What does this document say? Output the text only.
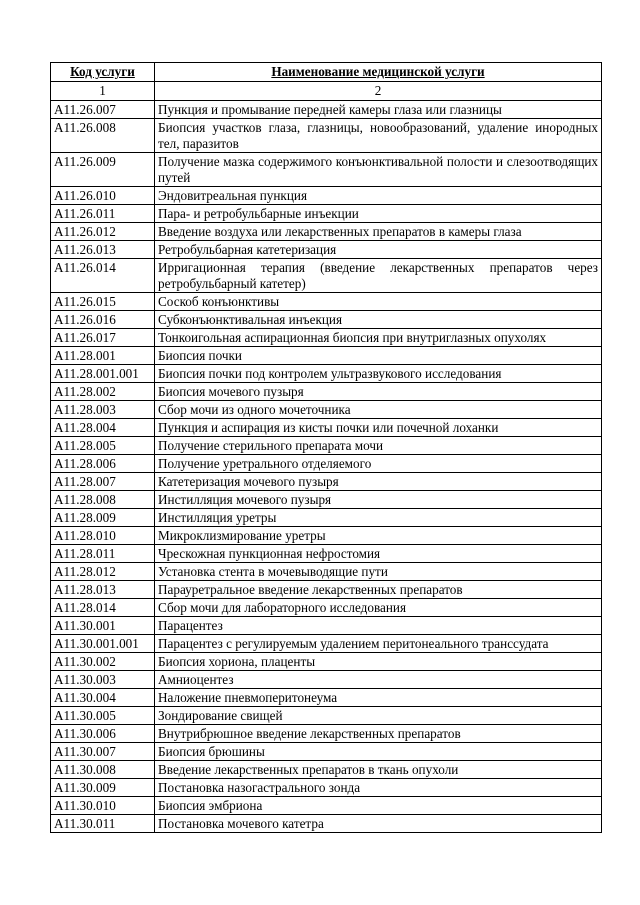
Код услуги	Наименование медицинской услуги
1	2
A11.26.007	Пункция и промывание передней камеры глаза или глазницы
A11.26.008	Биопсия участков глаза, глазницы, новообразований, удаление инородных тел, паразитов
A11.26.009	Получение мазка содержимого конъюнктивальной полости и слезоотводящих путей
A11.26.010	Эндовитреальная пункция
A11.26.011	Пара- и ретробульбарные инъекции
A11.26.012	Введение воздуха или лекарственных препаратов в камеры глаза
A11.26.013	Ретробульбарная катетеризация
A11.26.014	Ирригационная терапия (введение лекарственных препаратов через ретробульбарный катетер)
A11.26.015	Соскоб конъюнктивы
A11.26.016	Субконъюнктивальная инъекция
A11.26.017	Тонкоигольная аспирационная биопсия при внутриглазных опухолях
A11.28.001	Биопсия почки
A11.28.001.001	Биопсия почки под контролем ультразвукового исследования
A11.28.002	Биопсия мочевого пузыря
A11.28.003	Сбор мочи из одного мочеточника
A11.28.004	Пункция и аспирация из кисты почки или почечной лоханки
A11.28.005	Получение стерильного препарата мочи
A11.28.006	Получение уретрального отделяемого
A11.28.007	Катетеризация мочевого пузыря
A11.28.008	Инстилляция мочевого пузыря
A11.28.009	Инстилляция уретры
A11.28.010	Микроклизмирование уретры
A11.28.011	Чрескожная пункционная нефростомия
A11.28.012	Установка стента в мочевыводящие пути
A11.28.013	Парауретральное введение лекарственных препаратов
A11.28.014	Сбор мочи для лабораторного исследования
A11.30.001	Парацентез
A11.30.001.001	Парацентез с регулируемым удалением перитонеального транссудата
A11.30.002	Биопсия хориона, плаценты
A11.30.003	Амниоцентез
A11.30.004	Наложение пневмоперитонеума
A11.30.005	Зондирование свищей
A11.30.006	Внутрибрюшное введение лекарственных препаратов
A11.30.007	Биопсия брюшины
A11.30.008	Введение лекарственных препаратов в ткань опухоли
A11.30.009	Постановка назогастрального зонда
A11.30.010	Биопсия эмбриона
A11.30.011	Постановка мочевого катетра
